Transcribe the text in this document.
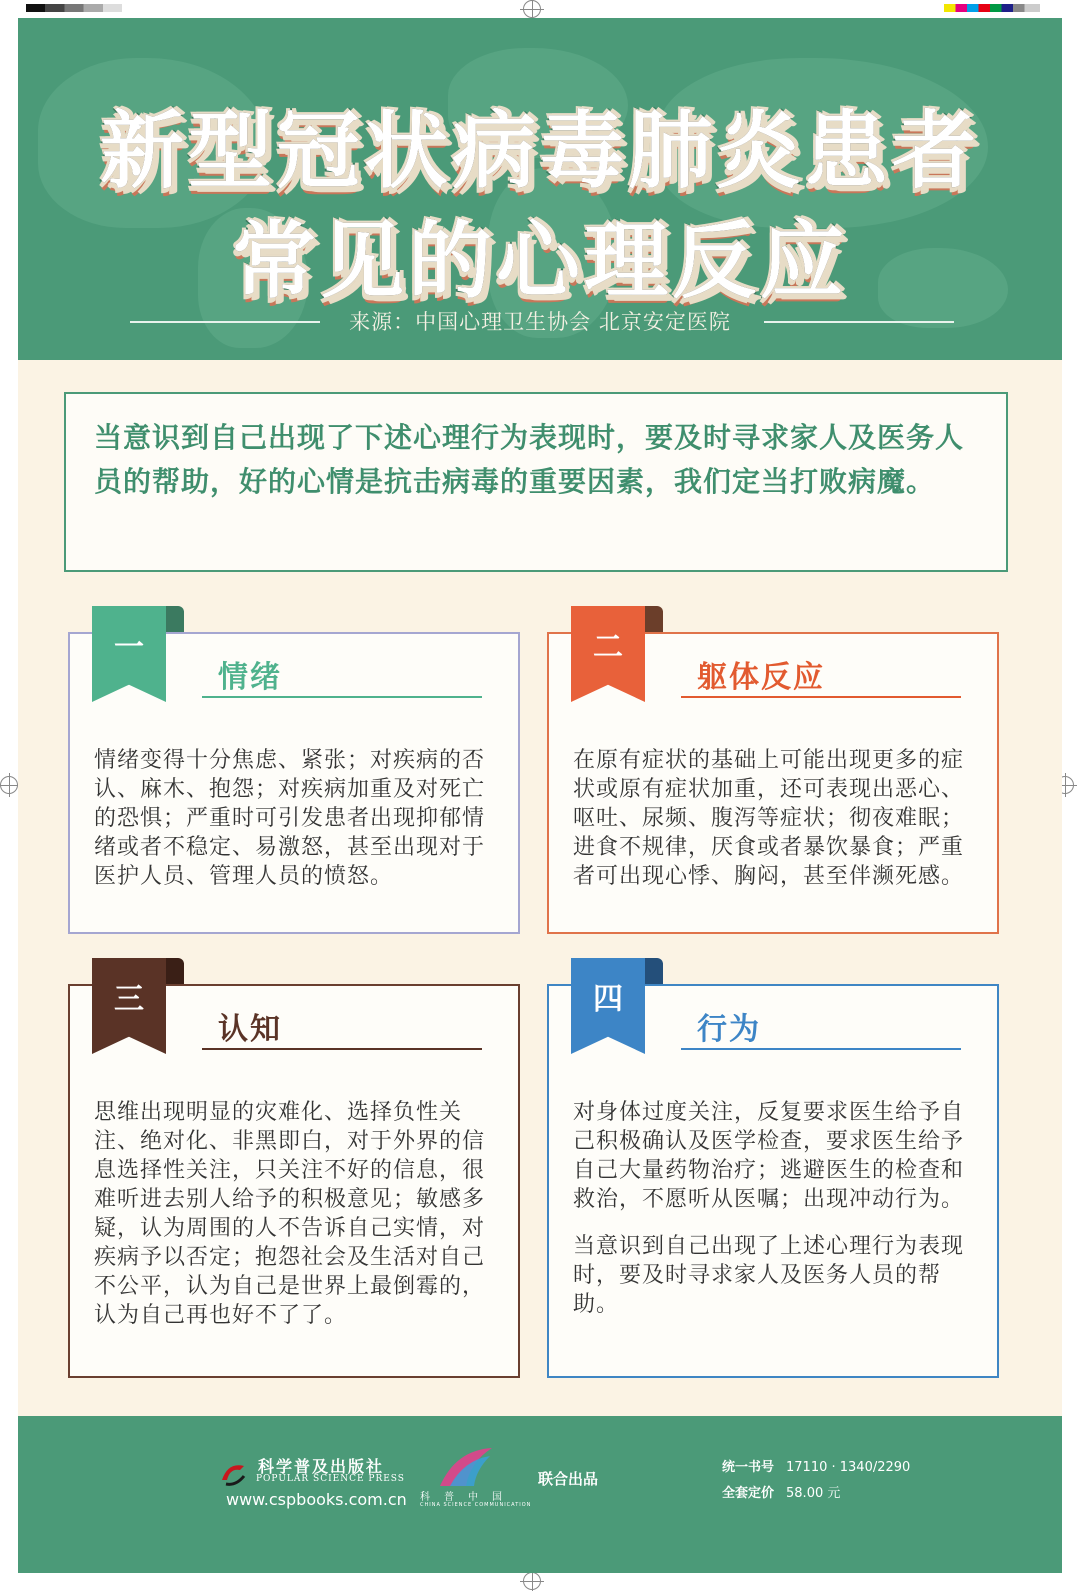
新型冠状病毒肺炎患者
常见的心理反应
来源：中国心理卫生协会 北京安定医院
当意识到自己出现了下述心理行为表现时，要及时寻求家人及医务人员的帮助，好的心情是抗击病毒的重要因素，我们定当打败病魔。
一
情绪

情绪变得十分焦虑、紧张；对疾病的否认、麻木、抱怨；对疾病加重及对死亡的恐惧；严重时可引发患者出现抑郁情绪或者不稳定、易激怒，甚至出现对于医护人员、管理人员的愤怒。

二
躯体反应

在原有症状的基础上可能出现更多的症状或原有症状加重，还可表现出恶心、呕吐、尿频、腹泻等症状；彻夜难眠；进食不规律，厌食或者暴饮暴食；严重者可出现心悸、胸闷，甚至伴濒死感。

三
认知

思维出现明显的灾难化、选择负性关注、绝对化、非黑即白，对于外界的信息选择性关注，只关注不好的信息，很难听进去别人给予的积极意见；敏感多疑，认为周围的人不告诉自己实情，对疾病予以否定；抱怨社会及生活对自己不公平，认为自己是世界上最倒霉的，认为自己再也好不了了。

四
行为

对身体过度关注，反复要求医生给予自己积极确认及医学检查，要求医生给予自己大量药物治疗；逃避医生的检查和救治，不愿听从医嘱；出现冲动行为。

当意识到自己出现了上述心理行为表现时，要及时寻求家人及医务人员的帮助。

科学普及出版社
POPULAR SCIENCE PRESS
www.cspbooks.com.cn 科普中国
CHINA SCIENCE COMMUNICATION
联合出品
统一书号 17110 · 1340/2290
全套定价 58.00 元
